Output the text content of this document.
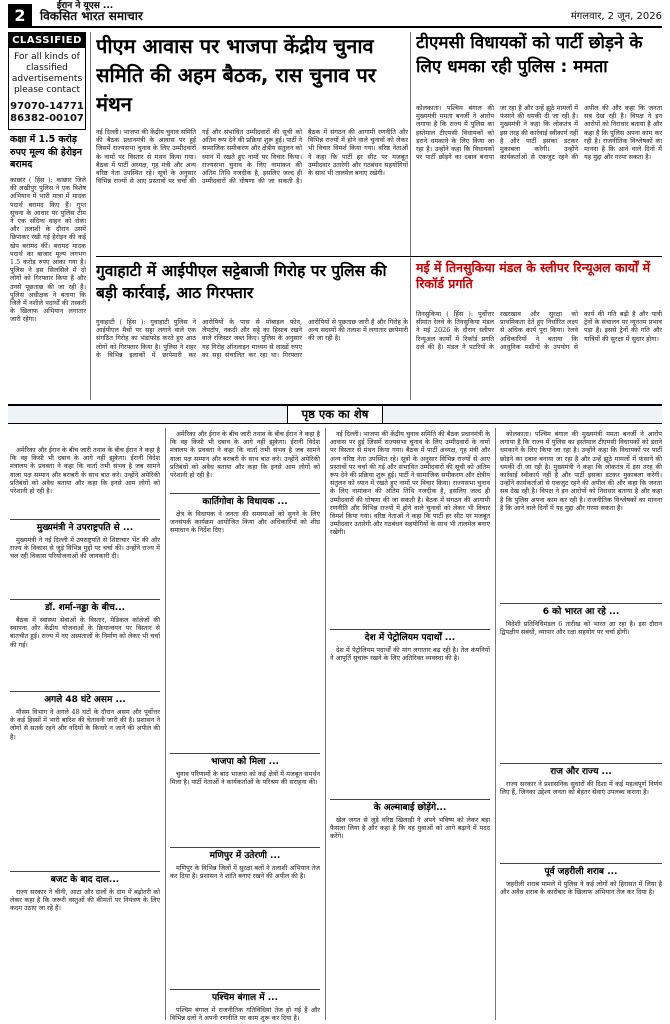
2	विकसित भारत समाचार	मंगलवार, 2 जून, 2026
CLASSIFIED
For all kinds of classified advertisements please contact
97070-14771
86382-00107
कक्षा में 1.5 करोड़ रुपए मूल्य की हेरोइन बरामद

काछार ( हिंस ): काछार जिले की लखीपुर पुलिस ने एक विशेष अभियान में भारी मात्रा में मादक पदार्थ बरामद किए हैं। गुप्त सूचना के आधार पर पुलिस टीम ने एक संदिग्ध वाहन को रोका और तलाशी के दौरान उसमें छिपाकर रखी गई हेरोइन की कई खेप बरामद कीं। बरामद मादक पदार्थ का बाजार मूल्य लगभग 1.5 करोड़ रुपए आंका गया है। पुलिस ने इस सिलसिले में दो लोगों को गिरफ्तार किया है और उनसे पूछताछ की जा रही है। पुलिस अधीक्षक ने बताया कि जिले में नशीले पदार्थों की तस्करी के खिलाफ अभियान लगातार जारी रहेगा।

पीएम आवास पर भाजपा केंद्रीय चुनाव समिति की अहम बैठक, रास चुनाव पर मंथन

नई दिल्ली। भाजपा की केंद्रीय चुनाव समिति की बैठक प्रधानमंत्री के आवास पर हुई जिसमें राज्यसभा चुनाव के लिए उम्मीदवारों के नामों पर विस्तार से मंथन किया गया। बैठक में पार्टी अध्यक्ष, गृह मंत्री और अन्य वरिष्ठ नेता उपस्थित रहे। सूत्रों के अनुसार विभिन्न राज्यों से आए प्रस्तावों पर चर्चा की गई और संभावित उम्मीदवारों की सूची को अंतिम रूप देने की प्रक्रिया शुरू हुई। पार्टी ने सामाजिक समीकरण और क्षेत्रीय संतुलन को ध्यान में रखते हुए नामों पर विचार किया। राज्यसभा चुनाव के लिए नामांकन की अंतिम तिथि नजदीक है, इसलिए जल्द ही उम्मीदवारों की घोषणा की जा सकती है। बैठक में संगठन की आगामी रणनीति और विभिन्न राज्यों में होने वाले चुनावों को लेकर भी विचार विमर्श किया गया। वरिष्ठ नेताओं ने कहा कि पार्टी हर सीट पर मजबूत उम्मीदवार उतारेगी और गठबंधन सहयोगियों के साथ भी तालमेल बनाए रखेगी।

टीएमसी विधायकों को पार्टी छोड़ने के लिए धमका रही पुलिस : ममता

कोलकाता। पश्चिम बंगाल की मुख्यमंत्री ममता बनर्जी ने आरोप लगाया है कि राज्य में पुलिस का इस्तेमाल टीएमसी विधायकों को डराने धमकाने के लिए किया जा रहा है। उन्होंने कहा कि विधायकों पर पार्टी छोड़ने का दबाव बनाया जा रहा है और उन्हें झूठे मामलों में फंसाने की धमकी दी जा रही है। मुख्यमंत्री ने कहा कि लोकतंत्र में इस तरह की कार्रवाई स्वीकार्य नहीं है और पार्टी इसका डटकर मुकाबला करेगी। उन्होंने कार्यकर्ताओं से एकजुट रहने की अपील की और कहा कि जनता सब देख रही है। विपक्ष ने इन आरोपों को निराधार बताया है और कहा है कि पुलिस अपना काम कर रही है। राजनीतिक विश्लेषकों का मानना है कि आने वाले दिनों में यह मुद्दा और गरमा सकता है।

गुवाहाटी में आईपीएल सट्टेबाजी गिरोह पर पुलिस की बड़ी कार्रवाई, आठ गिरफ्तार

गुवाहाटी ( हिंस ): गुवाहाटी पुलिस ने आईपीएल मैचों पर सट्टा लगाने वाले एक संगठित गिरोह का भंडाफोड़ करते हुए आठ लोगों को गिरफ्तार किया है। पुलिस ने शहर के विभिन्न इलाकों में छापेमारी कर आरोपियों के पास से मोबाइल फोन, लैपटॉप, नकदी और सट्टे का हिसाब रखने वाले रजिस्टर जब्त किए। पुलिस के अनुसार यह गिरोह ऑनलाइन माध्यम से लाखों रुपए का सट्टा संचालित कर रहा था। गिरफ्तार आरोपियों से पूछताछ जारी है और गिरोह के अन्य सदस्यों की तलाश में लगातार छापेमारी की जा रही है।

मई में तिनसुकिया मंडल के स्लीपर रिन्यूअल कार्यों में रिकॉर्ड प्रगति

तिनसुकिया ( हिंस ): पूर्वोत्तर सीमांत रेलवे के तिनसुकिया मंडल ने मई 2026 के दौरान स्लीपर रिन्यूअल कार्यों में रिकॉर्ड प्रगति दर्ज की है। मंडल ने पटरियों के रखरखाव और सुरक्षा को प्राथमिकता देते हुए निर्धारित लक्ष्य से अधिक कार्य पूरा किया। रेलवे अधिकारियों ने बताया कि आधुनिक मशीनों के उपयोग से कार्य की गति बढ़ी है और यात्री ट्रेनों के संचालन पर न्यूनतम प्रभाव पड़ा है। इससे ट्रेनों की गति और यात्रियों की सुरक्षा में सुधार होगा।

पृष्ठ एक का शेष
ईरान ने यूएस ...

अमेरिका और ईरान के बीच जारी तनाव के बीच ईरान ने कहा है कि वह किसी भी दबाव के आगे नहीं झुकेगा। ईरानी विदेश मंत्रालय के प्रवक्ता ने कहा कि वार्ता तभी संभव है जब सामने वाला पक्ष सम्मान और बराबरी के साथ बात करे। उन्होंने अमेरिकी प्रतिबंधों को अवैध बताया और कहा कि इनसे आम लोगों को परेशानी हो रही है।

मुख्यमंत्री ने उपराष्ट्रपति से ...

मुख्यमंत्री ने नई दिल्ली में उपराष्ट्रपति से शिष्टाचार भेंट की और राज्य के विकास से जुड़े विभिन्न मुद्दों पर चर्चा की। उन्होंने राज्य में चल रही विकास परियोजनाओं की जानकारी दी।

डॉ. शर्मा-नड्डा के बीच...

बैठक में स्वास्थ्य सेवाओं के विस्तार, मेडिकल कॉलेजों की स्थापना और केंद्रीय योजनाओं के क्रियान्वयन पर विस्तार से बातचीत हुई। राज्य में नए अस्पतालों के निर्माण को लेकर भी चर्चा की गई।

अगले 48 घंटे असम ...

मौसम विभाग ने अगले 48 घंटों के दौरान असम और पूर्वोत्तर के कई हिस्सों में भारी बारिश की चेतावनी जारी की है। प्रशासन ने लोगों से सतर्क रहने और नदियों के किनारे न जाने की अपील की है।

बजट के बाद दाल...

राज्य सरकार ने चीनी, आटा और दालों के दाम में बढ़ोतरी को लेकर कहा है कि जरूरी वस्तुओं की कीमतों पर नियंत्रण के लिए कदम उठाए जा रहे हैं।

अमेरिका और ईरान के बीच जारी तनाव के बीच ईरान ने कहा है कि वह किसी भी दबाव के आगे नहीं झुकेगा। ईरानी विदेश मंत्रालय के प्रवक्ता ने कहा कि वार्ता तभी संभव है जब सामने वाला पक्ष सम्मान और बराबरी के साथ बात करे। उन्होंने अमेरिकी प्रतिबंधों को अवैध बताया और कहा कि इनसे आम लोगों को परेशानी हो रही है।

कार्तिगोवा के विधायक ...

क्षेत्र के विधायक ने जनता की समस्याओं को सुनने के लिए जनसंपर्क कार्यक्रम आयोजित किया और अधिकारियों को शीघ्र समाधान के निर्देश दिए।

भाजपा को मिला ...

चुनाव परिणामों के बाद भाजपा को कई क्षेत्रों में मजबूत समर्थन मिला है। पार्टी नेताओं ने कार्यकर्ताओं के परिश्रम की सराहना की।

मणिपुर में उतेरणी ...

मणिपुर के विभिन्न जिलों में सुरक्षा बलों ने तलाशी अभियान तेज कर दिया है। प्रशासन ने शांति बनाए रखने की अपील की है।

पश्चिम बंगाल में ...

पश्चिम बंगाल में राजनीतिक गतिविधियां तेज हो गई हैं और विभिन्न दलों ने अपनी रणनीति पर काम शुरू कर दिया है।

नई दिल्ली। भाजपा की केंद्रीय चुनाव समिति की बैठक प्रधानमंत्री के आवास पर हुई जिसमें राज्यसभा चुनाव के लिए उम्मीदवारों के नामों पर विस्तार से मंथन किया गया। बैठक में पार्टी अध्यक्ष, गृह मंत्री और अन्य वरिष्ठ नेता उपस्थित रहे। सूत्रों के अनुसार विभिन्न राज्यों से आए प्रस्तावों पर चर्चा की गई और संभावित उम्मीदवारों की सूची को अंतिम रूप देने की प्रक्रिया शुरू हुई। पार्टी ने सामाजिक समीकरण और क्षेत्रीय संतुलन को ध्यान में रखते हुए नामों पर विचार किया। राज्यसभा चुनाव के लिए नामांकन की अंतिम तिथि नजदीक है, इसलिए जल्द ही उम्मीदवारों की घोषणा की जा सकती है। बैठक में संगठन की आगामी रणनीति और विभिन्न राज्यों में होने वाले चुनावों को लेकर भी विचार विमर्श किया गया। वरिष्ठ नेताओं ने कहा कि पार्टी हर सीट पर मजबूत उम्मीदवार उतारेगी और गठबंधन सहयोगियों के साथ भी तालमेल बनाए रखेगी।

देश में पेट्रोलियम पदार्थों ...

देश में पेट्रोलियम पदार्थों की मांग लगातार बढ़ रही है। तेल कंपनियों ने आपूर्ति सुचारू रखने के लिए अतिरिक्त व्यवस्था की है।

के अल्माबाई छोड़ेंगे...

खेल जगत से जुड़े वरिष्ठ खिलाड़ी ने अपने भविष्य को लेकर बड़ा फैसला लिया है और कहा है कि वह युवाओं को आगे बढ़ाने में मदद करेंगे।

कोलकाता। पश्चिम बंगाल की मुख्यमंत्री ममता बनर्जी ने आरोप लगाया है कि राज्य में पुलिस का इस्तेमाल टीएमसी विधायकों को डराने धमकाने के लिए किया जा रहा है। उन्होंने कहा कि विधायकों पर पार्टी छोड़ने का दबाव बनाया जा रहा है और उन्हें झूठे मामलों में फंसाने की धमकी दी जा रही है। मुख्यमंत्री ने कहा कि लोकतंत्र में इस तरह की कार्रवाई स्वीकार्य नहीं है और पार्टी इसका डटकर मुकाबला करेगी। उन्होंने कार्यकर्ताओं से एकजुट रहने की अपील की और कहा कि जनता सब देख रही है। विपक्ष ने इन आरोपों को निराधार बताया है और कहा है कि पुलिस अपना काम कर रही है। राजनीतिक विश्लेषकों का मानना है कि आने वाले दिनों में यह मुद्दा और गरमा सकता है।

6 को भारत आ रहे ...

विदेशी प्रतिनिधिमंडल 6 तारीख को भारत आ रहा है। इस दौरान द्विपक्षीय संबंधों, व्यापार और रक्षा सहयोग पर चर्चा होगी।

राज और राज्य ...

राज्य सरकार ने प्रशासनिक सुधारों की दिशा में कई महत्वपूर्ण निर्णय लिए हैं, जिनका उद्देश्य जनता को बेहतर सेवाएं उपलब्ध कराना है।

पूर्व जहरीली शराब ...

जहरीली शराब मामले में पुलिस ने कई लोगों को हिरासत में लिया है और अवैध शराब के कारोबार के खिलाफ अभियान तेज कर दिया है।
